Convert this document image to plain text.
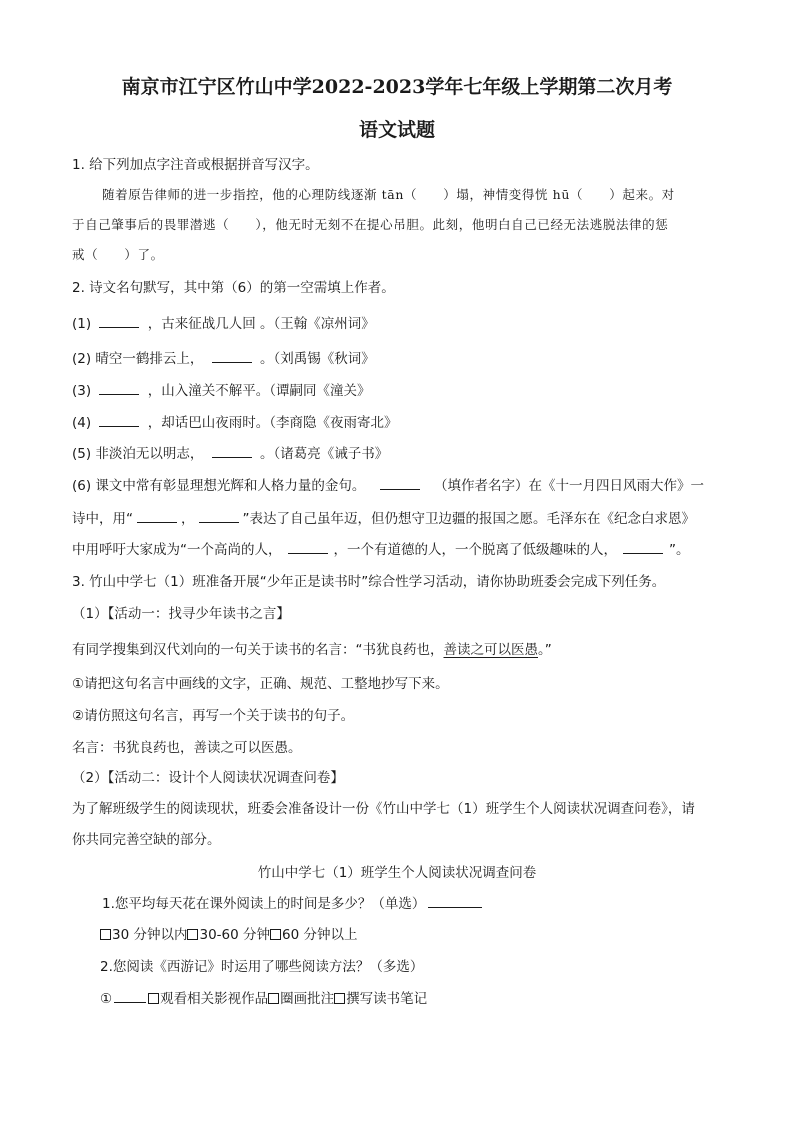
南京市江宁区竹山中学2022-2023学年七年级上学期第二次月考
语文试题
1. 给下列加点字注音或根据拼音写汉字。
随着原告律师的进一步指控，他的心理防线逐渐 tān（　　）塌，神情变得恍 hū（　　）起来。对
于自己肇事后的畏罪潜逃（　　），他无时无刻不在提心吊胆。此刻，他明白自己已经无法逃脱法律的惩
戒（　　）了。
2. 诗文名句默写，其中第（6）的第一空需填上作者。
(1)	，古来征战几人回 。（王翰《凉州词》
(2) 晴空一鹤排云上，	。（刘禹锡《秋词》
(3)	，山入潼关不解平。（谭嗣同《潼关》
(4)	，却话巴山夜雨时。（李商隐《夜雨寄北》
(5) 非淡泊无以明志，	。（诸葛亮《诫子书》
(6) 课文中常有彰显理想光辉和人格力量的金句。	（填作者名字）在《十一月四日风雨大作》一
诗中，用“	，	”表达了自己虽年迈，但仍想守卫边疆的报国之愿。毛泽东在《纪念白求恩》
中用呼吁大家成为“一个高尚的人，	，一个有道德的人，一个脱离了低级趣味的人，	”。
3. 竹山中学七（1）班准备开展“少年正是读书时”综合性学习活动，请你协助班委会完成下列任务。
（1）【活动一：找寻少年读书之言】
有同学搜集到汉代刘向的一句关于读书的名言：“书犹良药也，善读之可以医愚。”
①请把这句名言中画线的文字，正确、规范、工整地抄写下来。
②请仿照这句名言，再写一个关于读书的句子。
名言：书犹良药也，善读之可以医愚。
（2）【活动二：设计个人阅读状况调查问卷】
为了解班级学生的阅读现状，班委会准备设计一份《竹山中学七（1）班学生个人阅读状况调查问卷》，请
你共同完善空缺的部分。
竹山中学七（1）班学生个人阅读状况调查问卷
1.您平均每天花在课外阅读上的时间是多少？（单选）
30 分钟以内 30-60 分钟 60 分钟以上
2.您阅读《西游记》时运用了哪些阅读方法？（多选）
①	观看相关影视作品 圈画批注 撰写读书笔记
